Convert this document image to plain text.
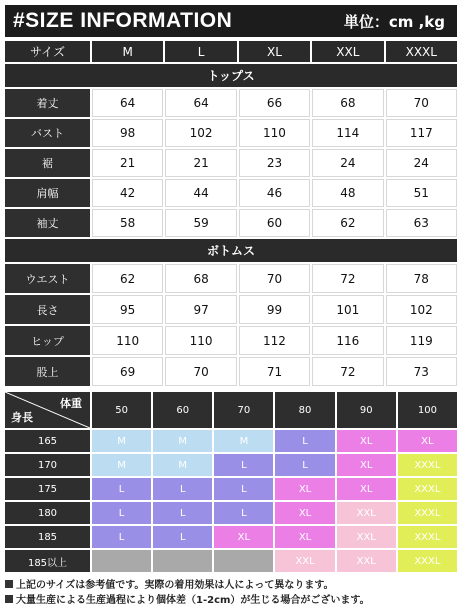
#SIZE INFORMATION	単位：cm ,kg
サイズ	M	L	XL	XXL	XXXL
トップス					
着丈	64	64	66	68	70
バスト	98	102	110	114	117
裾	21	21	23	24	24
肩幅	42	44	46	48	51
袖丈	58	59	60	62	63
ボトムス					
ウエスト	62	68	70	72	78
長さ	95	97	99	101	102
ヒップ	110	110	112	116	119
股上	69	70	71	72	73
体重
身長	50	60	70	80	90	100
165	M	M	M	L	XL	XL
170	M	M	L	L	XL	XXXL
175	L	L	L	XL	XL	XXXL
180	L	L	L	XL	XXL	XXXL
185	L	L	XL	XL	XXL	XXXL
185以上				XXL	XXL	XXXL
上記のサイズは参考値です。実際の着用効果は人によって異なります。
大量生産による生産過程により個体差（1-2cm）が生じる場合がございます。
